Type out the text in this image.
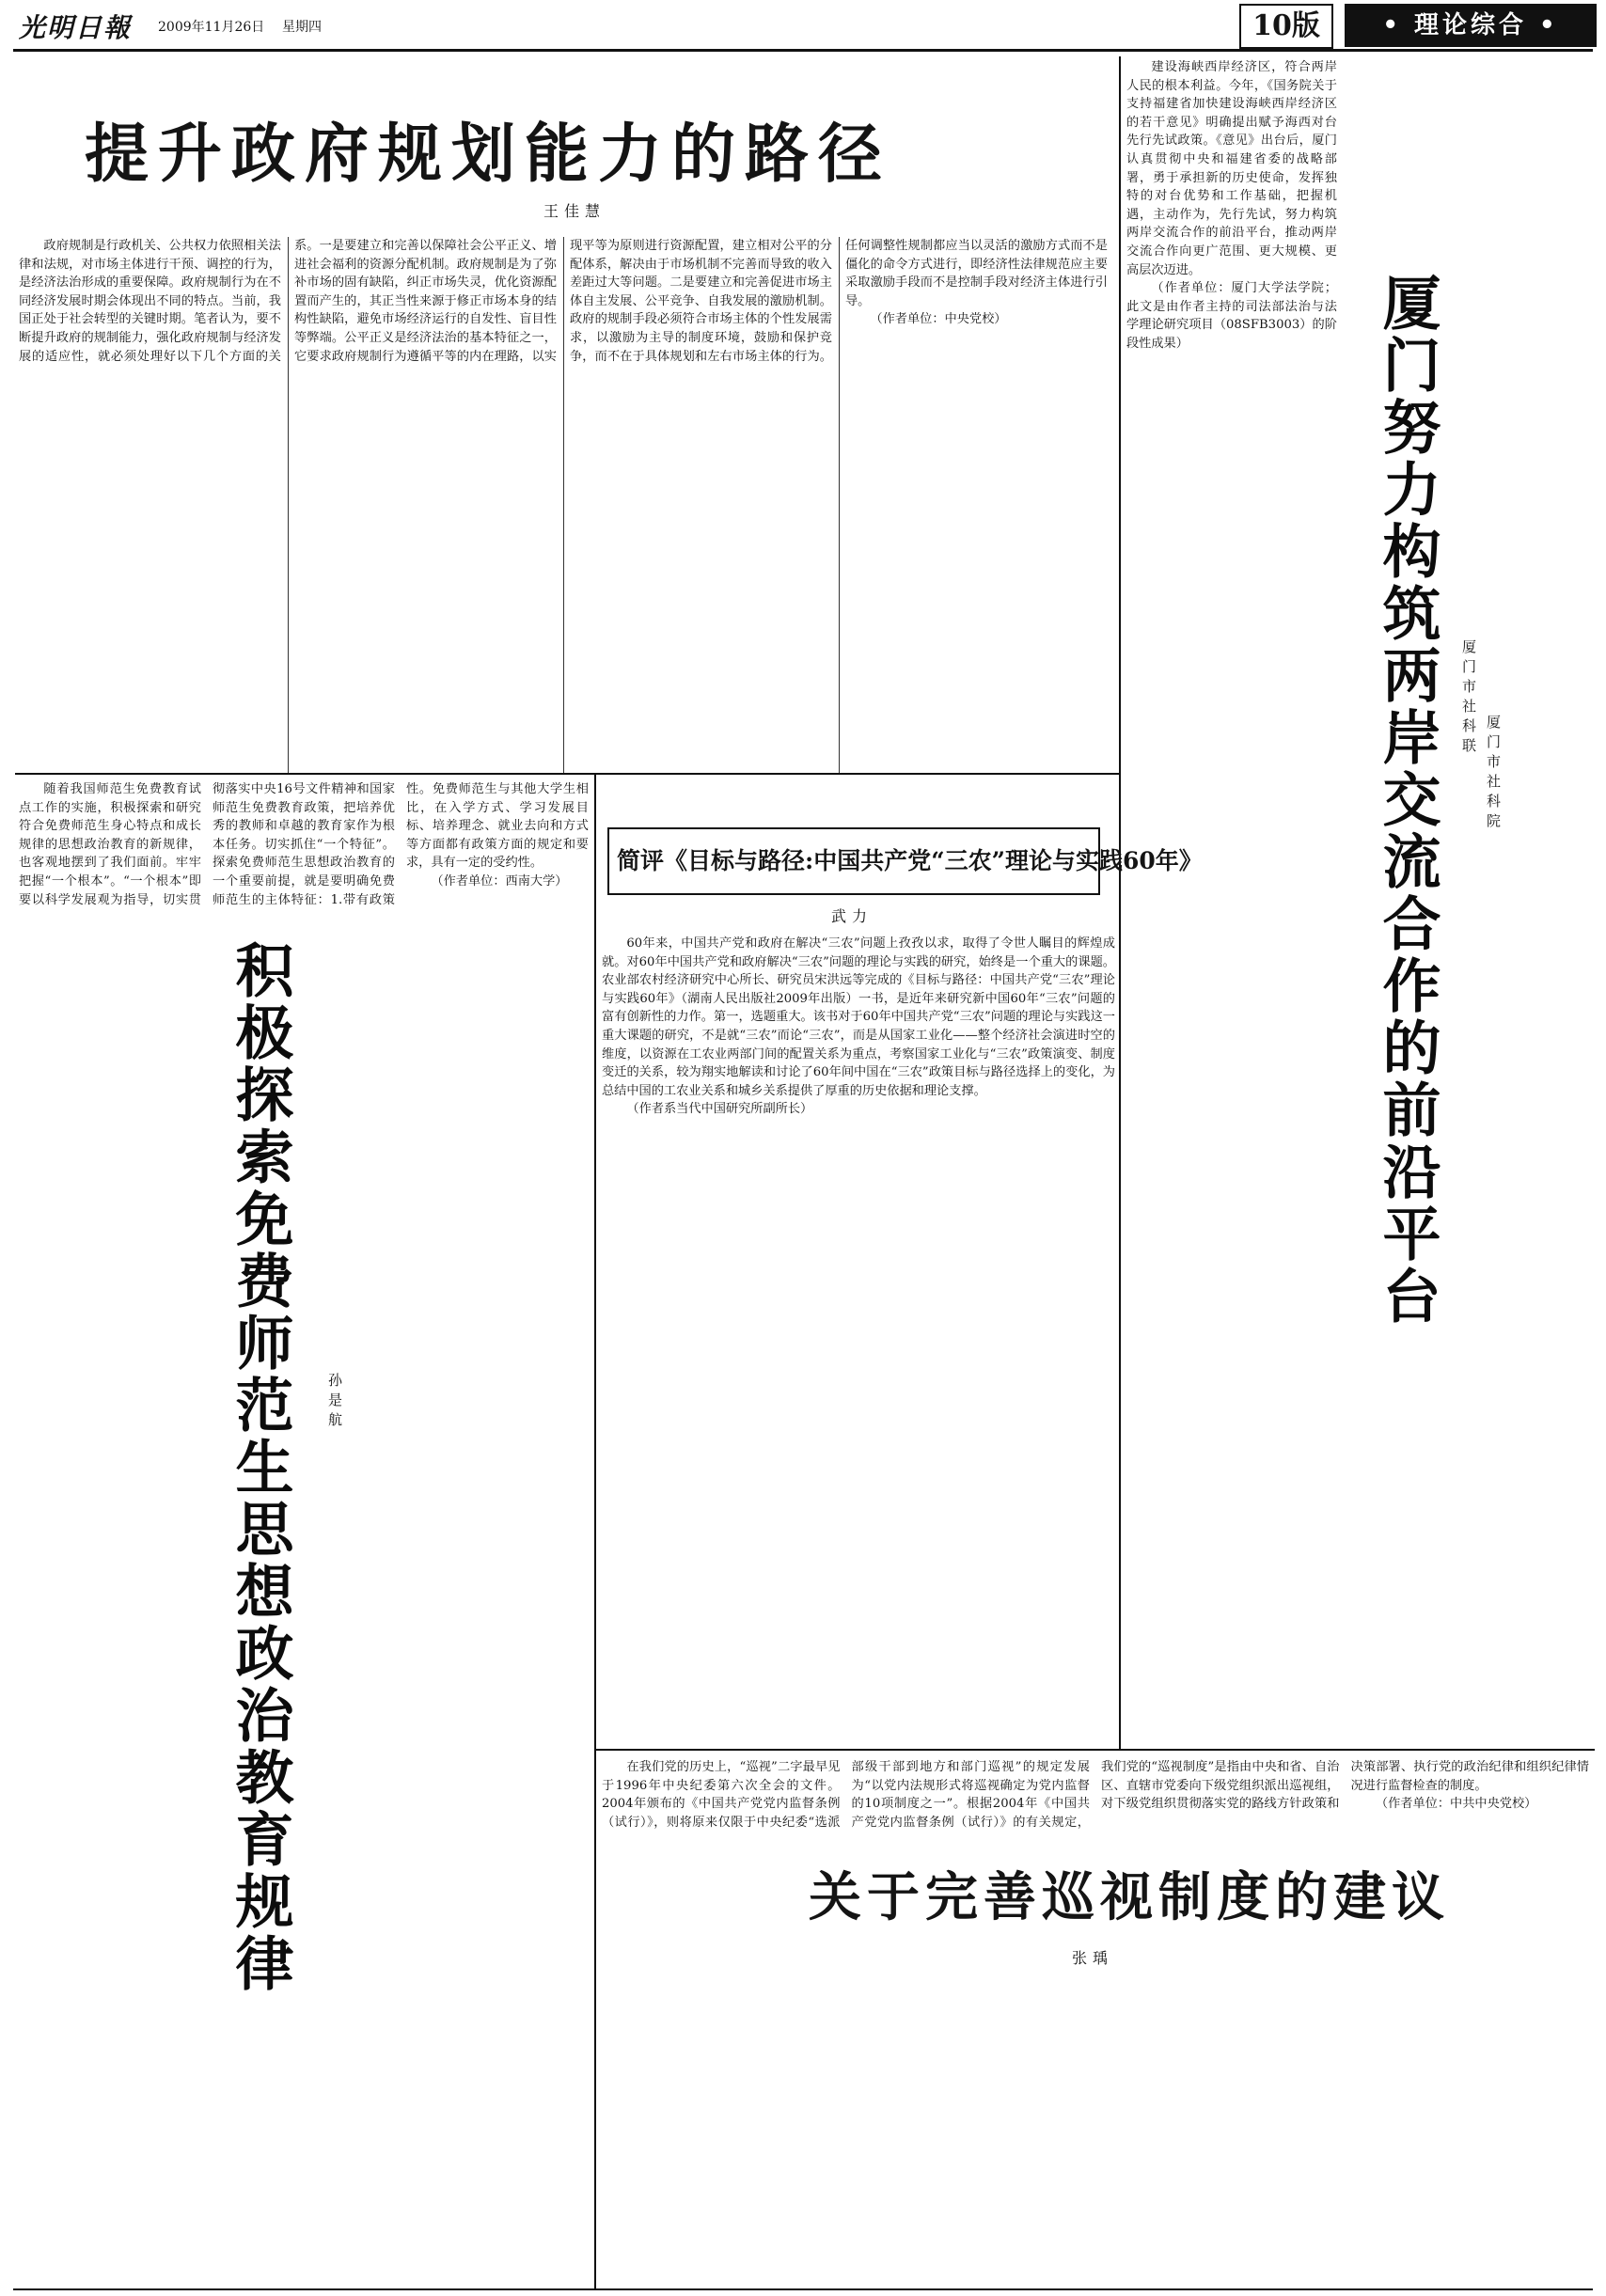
光明日報 2009年11月26日 星期四	10版	• 理论综合 •
提升政府规划能力的路径
王佳慧

政府规制是行政机关、公共权力依照相关法律和法规，对市场主体进行干预、调控的行为，是经济法治形成的重要保障。政府规制行为在不同经济发展时期会体现出不同的特点。当前，我国正处于社会转型的关键时期。笔者认为，要不断提升政府的规制能力，强化政府规制与经济发展的适应性，就必须处理好以下几个方面的关系。一是要建立和完善以保障社会公平正义、增进社会福利的资源分配机制。政府规制是为了弥补市场的固有缺陷，纠正市场失灵，优化资源配置而产生的，其正当性来源于修正市场本身的结构性缺陷，避免市场经济运行的自发性、盲目性等弊端。公平正义是经济法治的基本特征之一，它要求政府规制行为遵循平等的内在理路，以实现平等为原则进行资源配置，建立相对公平的分配体系，解决由于市场机制不完善而导致的收入差距过大等问题。二是要建立和完善促进市场主体自主发展、公平竞争、自我发展的激励机制。政府的规制手段必须符合市场主体的个性发展需求，以激励为主导的制度环境，鼓励和保护竞争，而不在于具体规划和左右市场主体的行为。任何调整性规制都应当以灵活的激励方式而不是僵化的命令方式进行，即经济性法律规范应主要采取激励手段而不是控制手段对经济主体进行引导。

（作者单位：中央党校）

建设海峡西岸经济区，符合两岸人民的根本利益。今年，《国务院关于支持福建省加快建设海峡西岸经济区的若干意见》明确提出赋予海西对台先行先试政策。《意见》出台后，厦门认真贯彻中央和福建省委的战略部署，勇于承担新的历史使命，发挥独特的对台优势和工作基础，把握机遇，主动作为，先行先试，努力构筑两岸交流合作的前沿平台，推动两岸交流合作向更广范围、更大规模、更高层次迈进。

（作者单位：厦门大学法学院；此文是由作者主持的司法部法治与法学理论研究项目（08SFB3003）的阶段性成果）	厦门努力构筑两岸交流合作的前沿平台	厦门市社科联
厦门市社科院

随着我国师范生免费教育试点工作的实施，积极探索和研究符合免费师范生身心特点和成长规律的思想政治教育的新规律，也客观地摆到了我们面前。牢牢把握“一个根本”。“一个根本”即要以科学发展观为指导，切实贯彻落实中央16号文件精神和国家师范生免费教育政策，把培养优秀的教师和卓越的教育家作为根本任务。切实抓住“一个特征”。探索免费师范生思想政治教育的一个重要前提，就是要明确免费师范生的主体特征：1.带有政策性。免费师范生与其他大学生相比，在入学方式、学习发展目标、培养理念、就业去向和方式等方面都有政策方面的规定和要求，具有一定的受约性。

（作者单位：西南大学）

积极探索免费师范生思想政治教育规律	孙是航
简评《目标与路径:中国共产党“三农”理论与实践60年》
武力

60年来，中国共产党和政府在解决“三农”问题上孜孜以求，取得了令世人瞩目的辉煌成就。对60年中国共产党和政府解决“三农”问题的理论与实践的研究，始终是一个重大的课题。农业部农村经济研究中心所长、研究员宋洪远等完成的《目标与路径：中国共产党“三农”理论与实践60年》（湖南人民出版社2009年出版）一书，是近年来研究新中国60年“三农”问题的富有创新性的力作。第一，选题重大。该书对于60年中国共产党“三农”问题的理论与实践这一重大课题的研究，不是就“三农”而论“三农”，而是从国家工业化——整个经济社会演进时空的维度，以资源在工农业两部门间的配置关系为重点，考察国家工业化与“三农”政策演变、制度变迁的关系，较为翔实地解读和讨论了60年间中国在“三农”政策目标与路径选择上的变化，为总结中国的工农业关系和城乡关系提供了厚重的历史依据和理论支撑。

（作者系当代中国研究所副所长）

关于完善巡视制度的建议
张瑀

在我们党的历史上，“巡视”二字最早见于1996年中央纪委第六次全会的文件。2004年颁布的《中国共产党党内监督条例（试行）》，则将原来仅限于中央纪委“选派部级干部到地方和部门巡视”的规定发展为“以党内法规形式将巡视确定为党内监督的10项制度之一”。根据2004年《中国共产党党内监督条例（试行）》的有关规定，我们党的“巡视制度”是指由中央和省、自治区、直辖市党委向下级党组织派出巡视组，对下级党组织贯彻落实党的路线方针政策和决策部署、执行党的政治纪律和组织纪律情况进行监督检查的制度。

（作者单位：中共中央党校）
